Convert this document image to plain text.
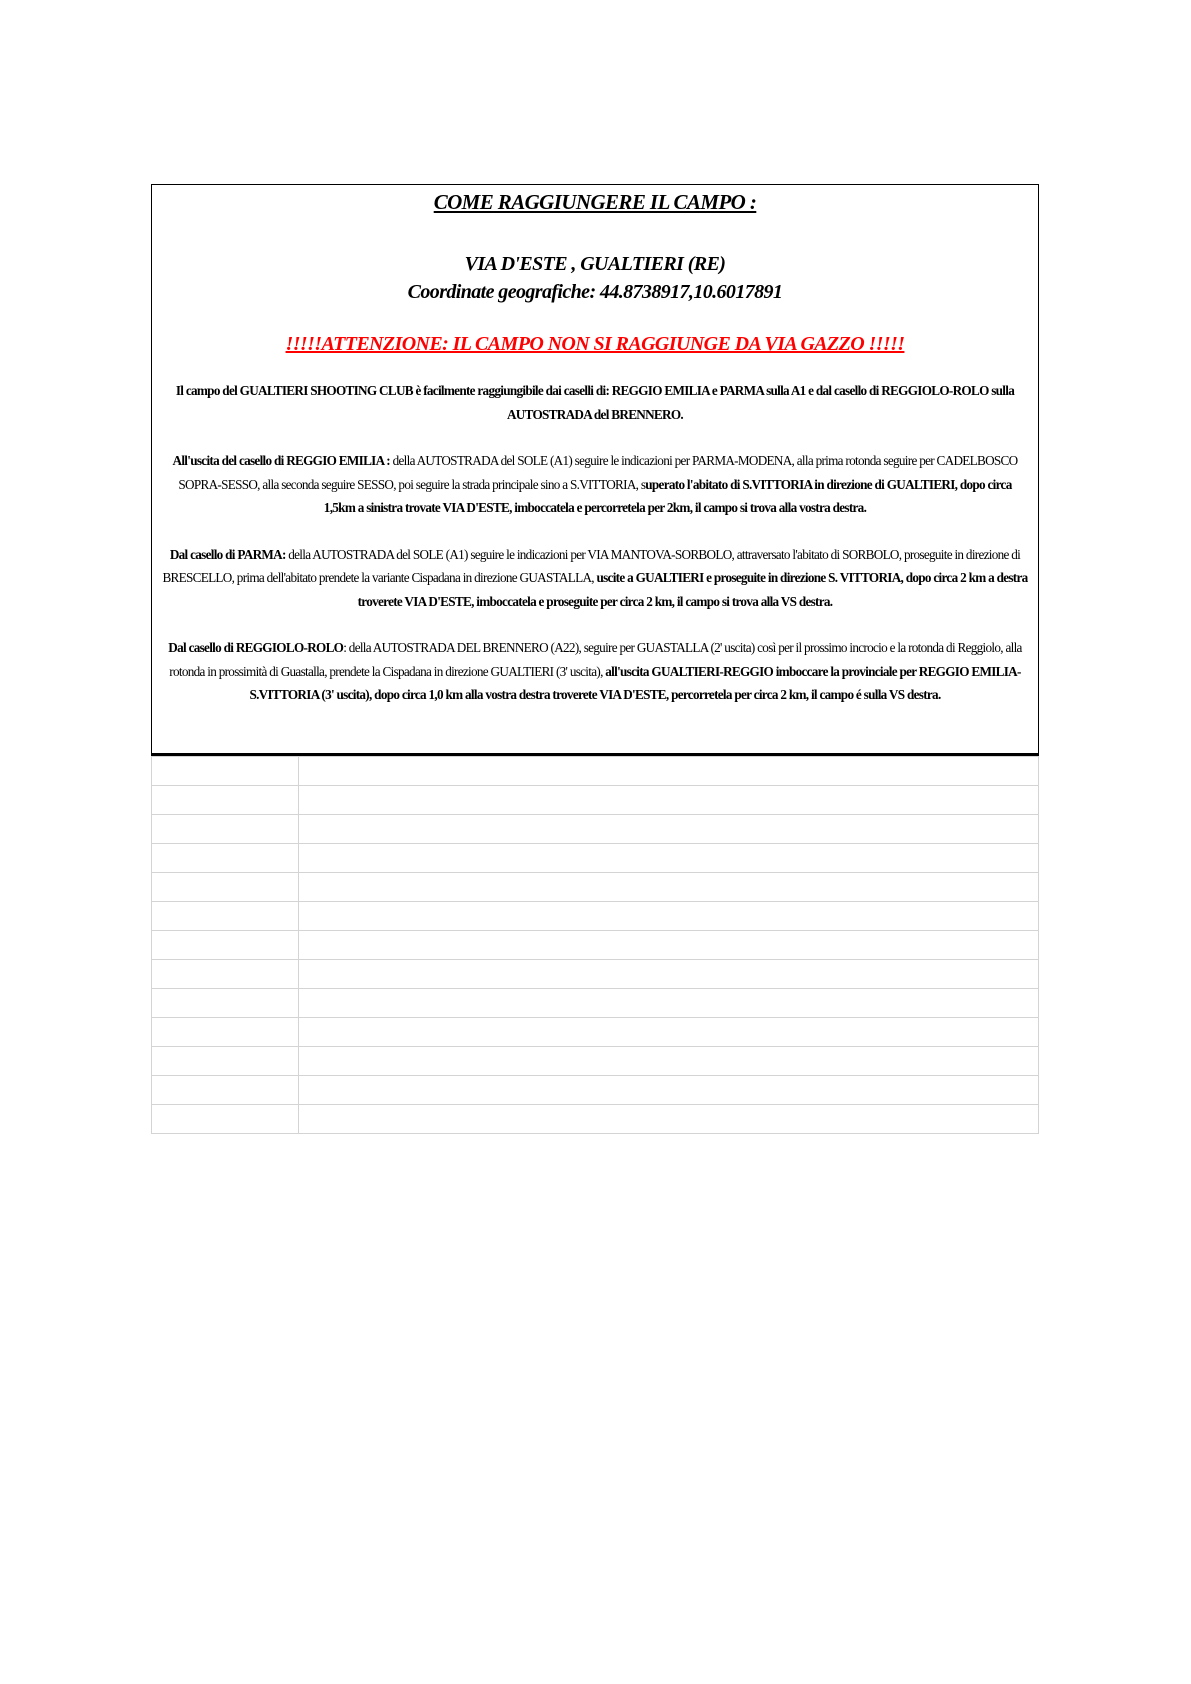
COME RAGGIUNGERE IL CAMPO :
VIA D'ESTE , GUALTIERI (RE)
Coordinate geografiche: 44.8738917,10.6017891
!!!!!ATTENZIONE: IL CAMPO NON SI RAGGIUNGE DA VIA GAZZO !!!!!

Il campo del GUALTIERI SHOOTING CLUB è facilmente raggiungibile dai caselli di: REGGIO EMILIA e PARMA sulla A1 e dal casello di REGGIOLO-ROLO sulla AUTOSTRADA del BRENNERO.

All'uscita del casello di REGGIO EMILIA : della AUTOSTRADA del SOLE (A1) seguire le indicazioni per PARMA-MODENA, alla prima rotonda seguire per CADELBOSCO SOPRA-SESSO, alla seconda seguire SESSO, poi seguire la strada principale sino a S.VITTORIA, superato l'abitato di S.VITTORIA in direzione di GUALTIERI, dopo circa 1,5km a sinistra trovate VIA D'ESTE, imboccatela e percorretela per 2km, il campo si trova alla vostra destra.

Dal casello di PARMA: della AUTOSTRADA del SOLE (A1) seguire le indicazioni per VIA MANTOVA-SORBOLO, attraversato l'abitato di SORBOLO, proseguite in direzione di BRESCELLO, prima dell'abitato prendete la variante Cispadana in direzione GUASTALLA, uscite a GUALTIERI e proseguite in direzione S. VITTORIA, dopo circa 2 km a destra troverete VIA D'ESTE, imboccatela e proseguite per circa 2 km, il campo si trova alla VS destra.

Dal casello di REGGIOLO-ROLO: della AUTOSTRADA DEL BRENNERO (A22), seguire per GUASTALLA (2' uscita) così per il prossimo incrocio e la rotonda di Reggiolo, alla rotonda in prossimità di Guastalla, prendete la Cispadana in direzione GUALTIERI (3' uscita), all'uscita GUALTIERI-REGGIO imboccare la provinciale per REGGIO EMILIA-S.VITTORIA (3' uscita), dopo circa 1,0 km alla vostra destra troverete VIA D'ESTE, percorretela per circa 2 km, il campo é sulla VS destra.
